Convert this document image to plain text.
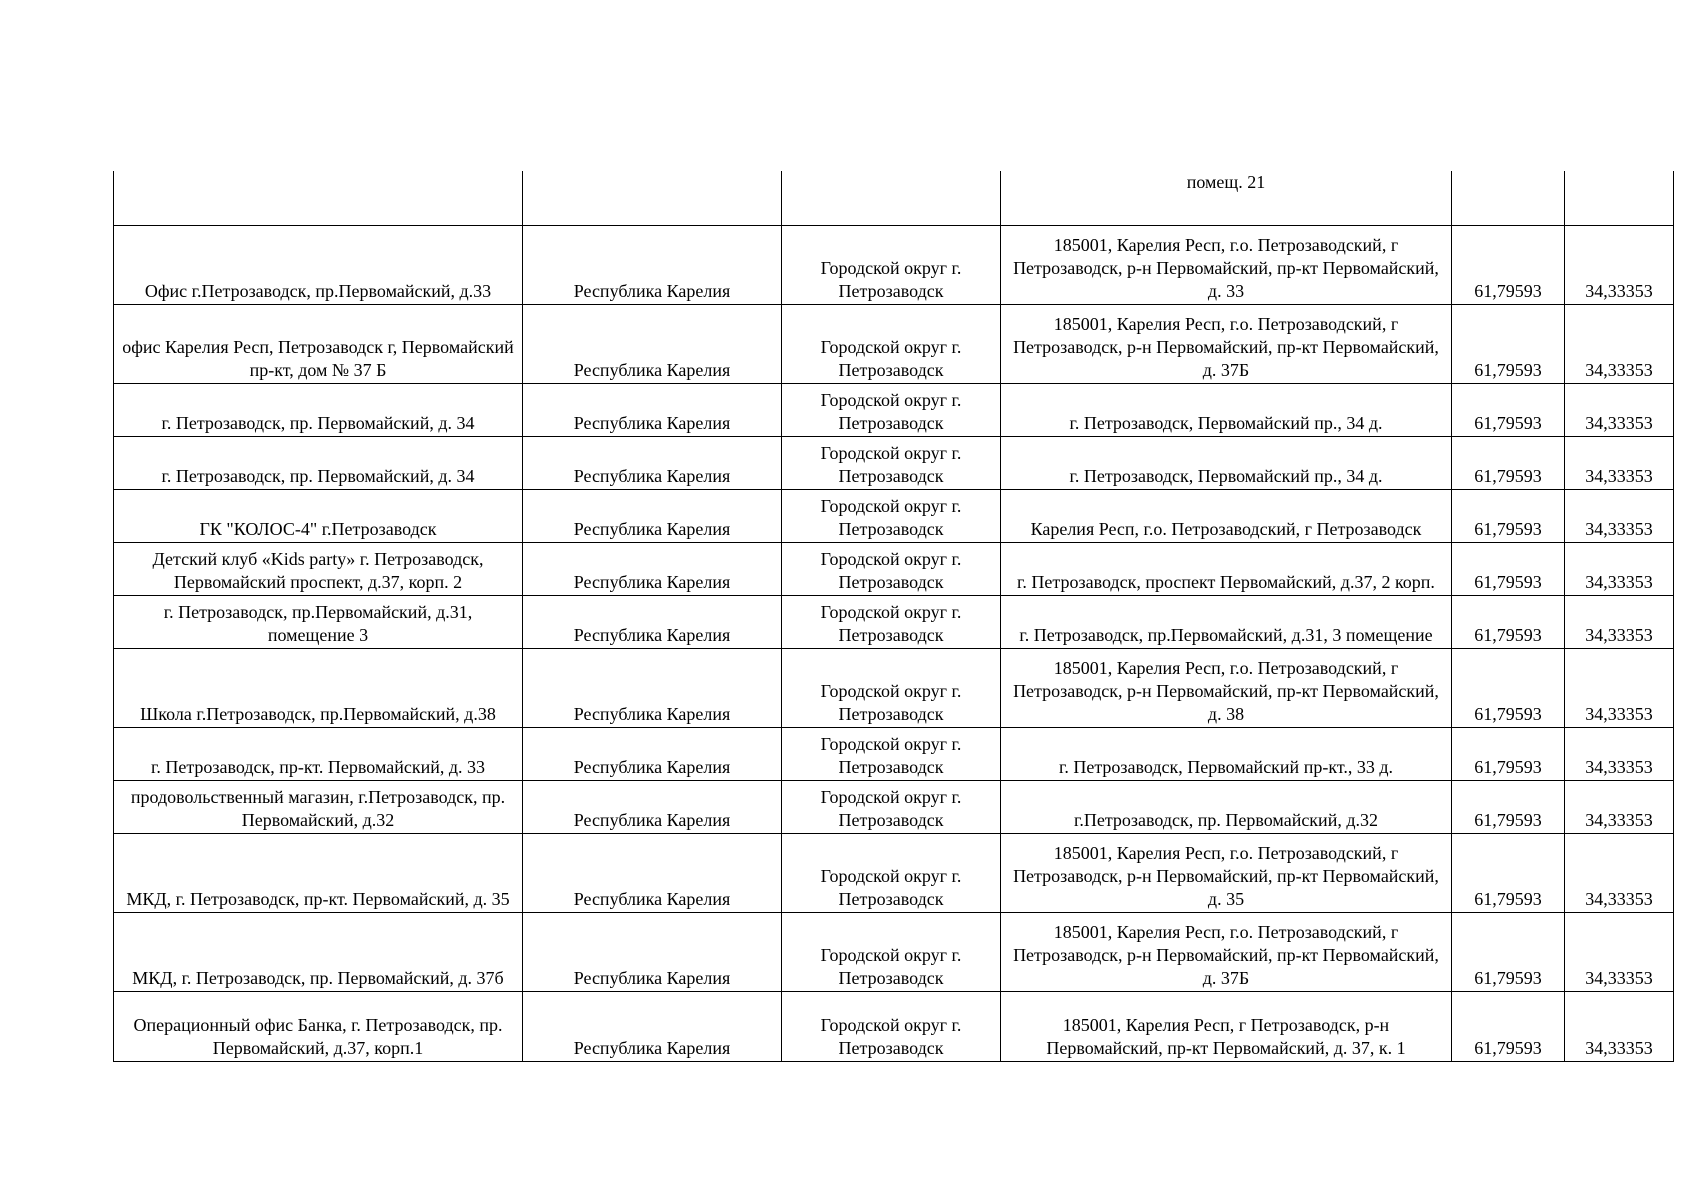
			помещ. 21		

Офис г.Петрозаводск, пр.Первомайский, д.33	Республика Карелия	Городской округ г. Петрозаводск	185001, Карелия Респ, г.о. Петрозаводский, г Петрозаводск, р-н Первомайский, пр-кт Первомайский, д. 33	61,79593	34,33353

офис Карелия Респ, Петрозаводск г, Первомайский пр-кт, дом № 37 Б	Республика Карелия	Городской округ г. Петрозаводск	185001, Карелия Респ, г.о. Петрозаводский, г Петрозаводск, р-н Первомайский, пр-кт Первомайский, д. 37Б	61,79593	34,33353

г. Петрозаводск, пр. Первомайский, д. 34	Республика Карелия	Городской округ г. Петрозаводск	г. Петрозаводск, Первомайский пр., 34 д.	61,79593	34,33353

г. Петрозаводск, пр. Первомайский, д. 34	Республика Карелия	Городской округ г. Петрозаводск	г. Петрозаводск, Первомайский пр., 34 д.	61,79593	34,33353

ГК "КОЛОС-4" г.Петрозаводск	Республика Карелия	Городской округ г. Петрозаводск	Карелия Респ, г.о. Петрозаводский, г Петрозаводск	61,79593	34,33353

Детский клуб «Kids party» г. Петрозаводск, Первомайский проспект, д.37, корп. 2	Республика Карелия	Городской округ г. Петрозаводск	г. Петрозаводск, проспект Первомайский, д.37, 2 корп.	61,79593	34,33353

г. Петрозаводск, пр.Первомайский, д.31, помещение 3	Республика Карелия	Городской округ г. Петрозаводск	г. Петрозаводск, пр.Первомайский, д.31, 3 помещение	61,79593	34,33353

Школа г.Петрозаводск, пр.Первомайский, д.38	Республика Карелия	Городской округ г. Петрозаводск	185001, Карелия Респ, г.о. Петрозаводский, г Петрозаводск, р-н Первомайский, пр-кт Первомайский, д. 38	61,79593	34,33353

г. Петрозаводск, пр-кт. Первомайский, д. 33	Республика Карелия	Городской округ г. Петрозаводск	г. Петрозаводск, Первомайский пр-кт., 33 д.	61,79593	34,33353

продовольственный магазин, г.Петрозаводск, пр. Первомайский, д.32	Республика Карелия	Городской округ г. Петрозаводск	г.Петрозаводск, пр. Первомайский, д.32	61,79593	34,33353

МКД, г. Петрозаводск, пр-кт. Первомайский, д. 35	Республика Карелия	Городской округ г. Петрозаводск	185001, Карелия Респ, г.о. Петрозаводский, г Петрозаводск, р-н Первомайский, пр-кт Первомайский, д. 35	61,79593	34,33353

МКД, г. Петрозаводск, пр. Первомайский, д. 37б	Республика Карелия	Городской округ г. Петрозаводск	185001, Карелия Респ, г.о. Петрозаводский, г Петрозаводск, р-н Первомайский, пр-кт Первомайский, д. 37Б	61,79593	34,33353

Операционный офис Банка, г. Петрозаводск, пр. Первомайский, д.37, корп.1	Республика Карелия	Городской округ г. Петрозаводск	185001, Карелия Респ, г Петрозаводск, р-н Первомайский, пр-кт Первомайский, д. 37, к. 1	61,79593	34,33353
